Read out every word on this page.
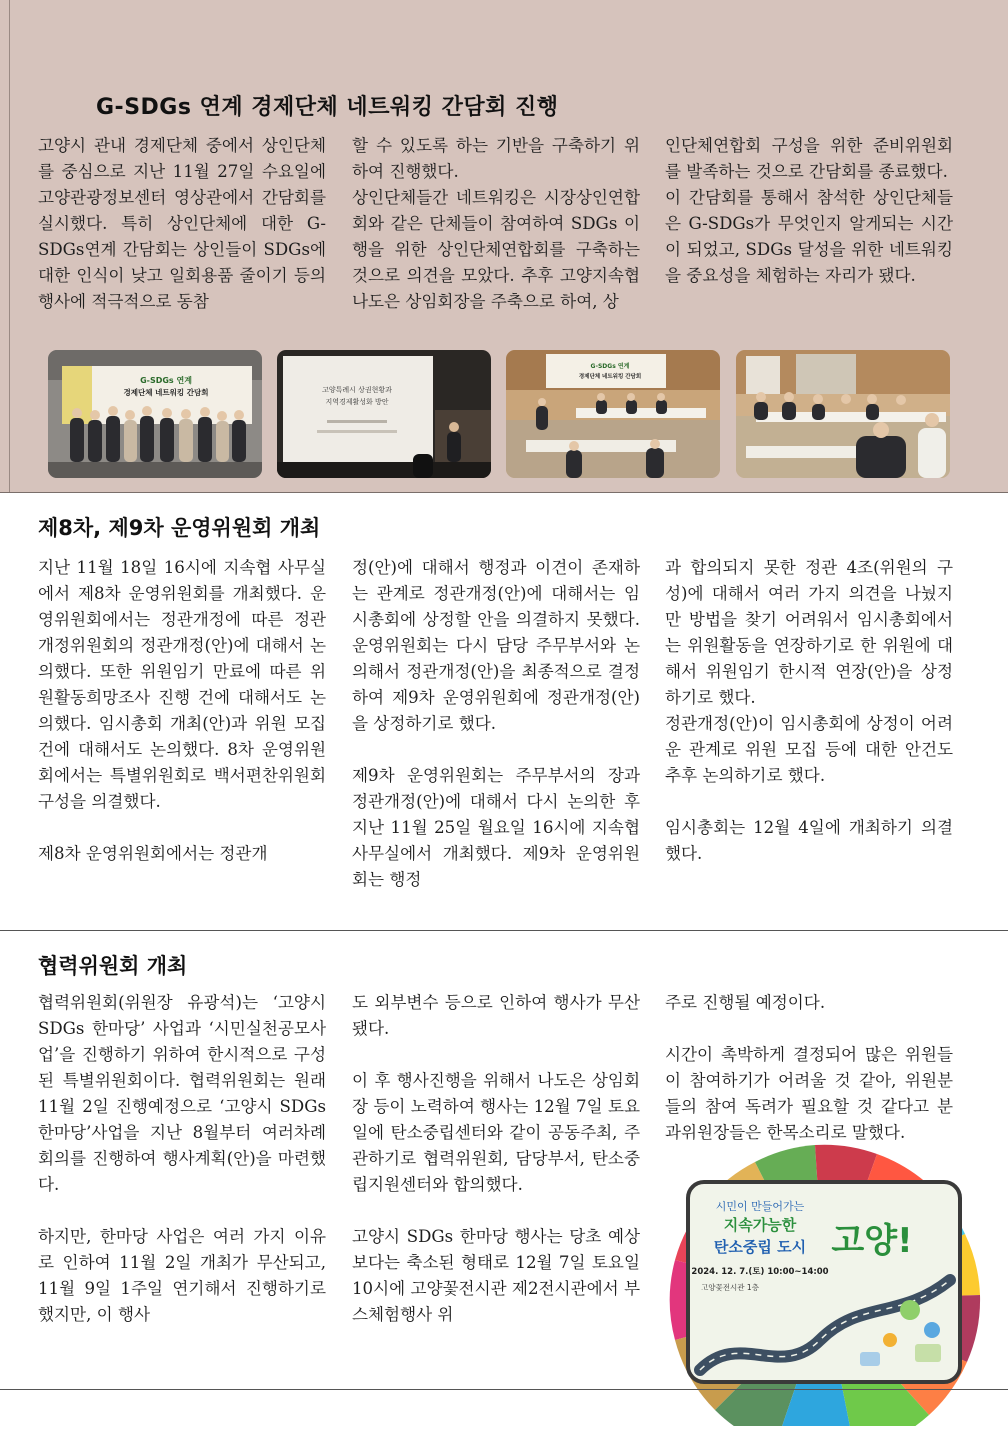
G-SDGs 연계 경제단체 네트워킹 간담회 진행

고양시 관내 경제단체 중에서 상인단체를 중심으로 지난 11월 27일 수요일에 고양관광정보센터 영상관에서 간담회를 실시했다. 특히 상인단체에 대한 G-SDGs연계 간담회는 상인들이 SDGs에 대한 인식이 낮고 일회용품 줄이기 등의 행사에 적극적으로 동참

할 수 있도록 하는 기반을 구축하기 위하여 진행했다.

상인단체들간 네트워킹은 시장상인연합회와 같은 단체들이 참여하여 SDGs 이행을 위한 상인단체연합회를 구축하는 것으로 의견을 모았다. 추후 고양지속협 나도은 상임회장을 주축으로 하여, 상

인단체연합회 구성을 위한 준비위원회를 발족하는 것으로 간담회를 종료했다.

이 간담회를 통해서 참석한 상인단체들은 G-SDGs가 무엇인지 알게되는 시간이 되었고, SDGs 달성을 위한 네트워킹을 중요성을 체험하는 자리가 됐다.

G-SDGs 연계
경제단체 네트워킹 간담회	고양특례시 상권현황과
지역경제활성화 방안
G-SDGs 연계
경제단체 네트워킹 간담회
제8차, 제9차 운영위원회 개최

지난 11월 18일 16시에 지속협 사무실에서 제8차 운영위원회를 개최했다. 운영위원회에서는 정관개정에 따른 정관개정위원회의 정관개정(안)에 대해서 논의했다. 또한 위원임기 만료에 따른 위원활동희망조사 진행 건에 대해서도 논의했다. 임시총회 개최(안)과 위원 모집 건에 대해서도 논의했다. 8차 운영위원회에서는 특별위원회로 백서편찬위원회 구성을 의결했다.

제8차 운영위원회에서는 정관개

정(안)에 대해서 행정과 이견이 존재하는 관계로 정관개정(안)에 대해서는 임시총회에 상정할 안을 의결하지 못했다. 운영위원회는 다시 담당 주무부서와 논의해서 정관개정(안)을 최종적으로 결정하여 제9차 운영위원회에 정관개정(안)을 상정하기로 했다.

제9차 운영위원회는 주무부서의 장과 정관개정(안)에 대해서 다시 논의한 후 지난 11월 25일 월요일 16시에 지속협 사무실에서 개최했다. 제9차 운영위원회는 행정

과 합의되지 못한 정관 4조(위원의 구성)에 대해서 여러 가지 의견을 나눴지만 방법을 찾기 어려워서 임시총회에서는 위원활동을 연장하기로 한 위원에 대해서 위원임기 한시적 연장(안)을 상정하기로 했다.

정관개정(안)이 임시총회에 상정이 어려운 관계로 위원 모집 등에 대한 안건도 추후 논의하기로 했다.

임시총회는 12월 4일에 개최하기 의결했다.

협력위원회 개최

협력위원회(위원장 유광석)는 ‘고양시 SDGs 한마당’ 사업과 ‘시민실천공모사업’을 진행하기 위하여 한시적으로 구성된 특별위원회이다. 협력위원회는 원래 11월 2일 진행예정으로 ‘고양시 SDGs 한마당’사업을 지난 8월부터 여러차례 회의를 진행하여 행사계획(안)을 마련했다.

하지만, 한마당 사업은 여러 가지 이유로 인하여 11월 2일 개최가 무산되고, 11월 9일 1주일 연기해서 진행하기로 했지만, 이 행사

도 외부변수 등으로 인하여 행사가 무산됐다.

이 후 행사진행을 위해서 나도은 상임회장 등이 노력하여 행사는 12월 7일 토요일에 탄소중립센터와 같이 공동주최, 주관하기로 협력위원회, 담당부서, 탄소중립지원센터와 합의했다.

고양시 SDGs 한마당 행사는 당초 예상보다는 축소된 형태로 12월 7일 토요일 10시에 고양꽃전시관 제2전시관에서 부스체험행사 위

주로 진행될 예정이다.

시간이 촉박하게 결정되어 많은 위원들이 참여하기가 어려울 것 같아, 위원분들의 참여 독려가 필요할 것 같다고 분과위원장들은 한목소리로 말했다.

시민이 만들어가는
지속가능한
탄소중립 도시 고양!
2024. 12. 7.(토) 10:00~14:00
고양꽃전시관 1층
